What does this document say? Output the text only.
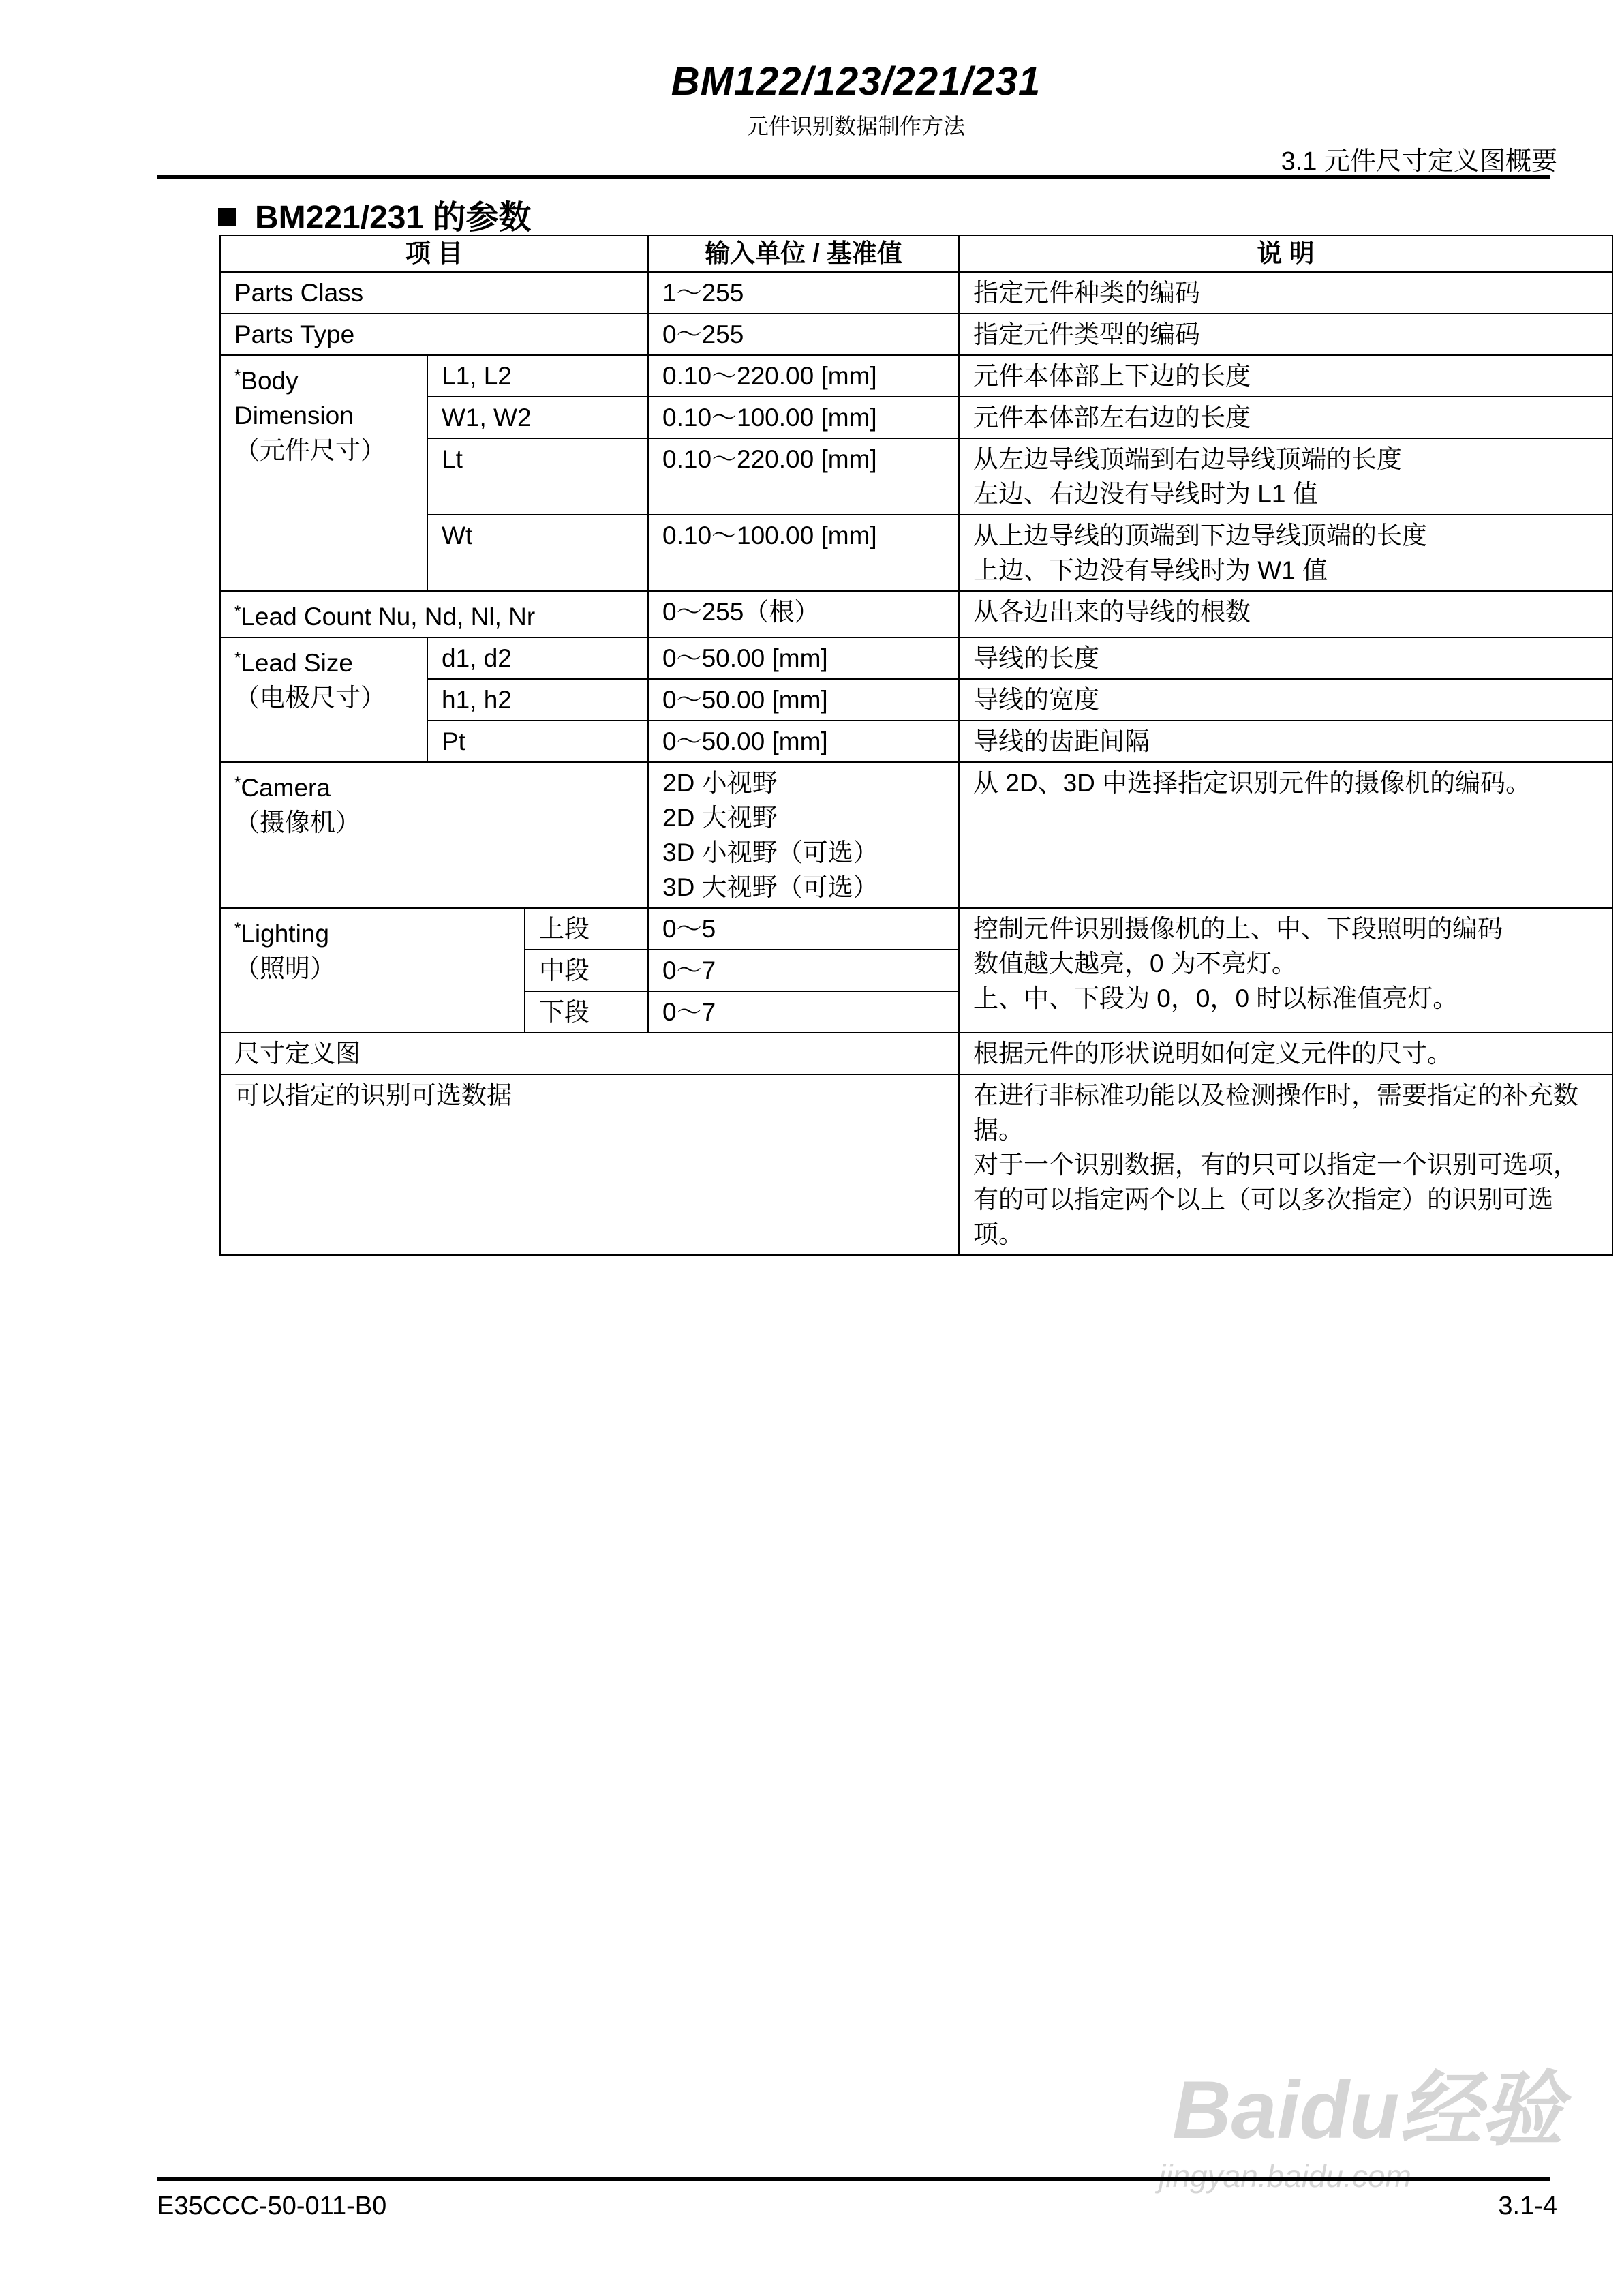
BM122/123/221/231
元件识别数据制作方法
3.1 元件尺寸定义图概要
BM221/231 的参数
项 目			输入单位 / 基准值	说 明
Parts Class			1～255	指定元件种类的编码
Parts Type			0～255	指定元件类型的编码
*Body
Dimension
（元件尺寸）	L1, L2		0.10～220.00 [mm]	元件本体部上下边的长度
	W1, W2		0.10～100.00 [mm]	元件本体部左右边的长度
	Lt		0.10～220.00 [mm]	从左边导线顶端到右边导线顶端的长度
左边、右边没有导线时为 L1 值
	Wt		0.10～100.00 [mm]	从上边导线的顶端到下边导线顶端的长度
上边、下边没有导线时为 W1 值
*Lead Count Nu, Nd, Nl, Nr			0～255（根）	从各边出来的导线的根数
*Lead Size
（电极尺寸）	d1, d2		0～50.00 [mm]	导线的长度
	h1, h2		0～50.00 [mm]	导线的宽度
	Pt		0～50.00 [mm]	导线的齿距间隔
*Camera
（摄像机）			2D 小视野
2D 大视野
3D 小视野（可选）
3D 大视野（可选）	从 2D、3D 中选择指定识别元件的摄像机的编码。
*Lighting
（照明）		上段	0～5	控制元件识别摄像机的上、中、下段照明的编码
数值越大越亮，0 为不亮灯。
上、中、下段为 0，0，0 时以标准值亮灯。
		中段	0～7	
		下段	0～7	
尺寸定义图				根据元件的形状说明如何定义元件的尺寸。
可以指定的识别可选数据				在进行非标准功能以及检测操作时，需要指定的补充数据。
对于一个识别数据，有的只可以指定一个识别可选项，有的可以指定两个以上（可以多次指定）的识别可选项。
Baidu经验
jingyan.baidu.com
E35CCC-50-011-B0	3.1-4
